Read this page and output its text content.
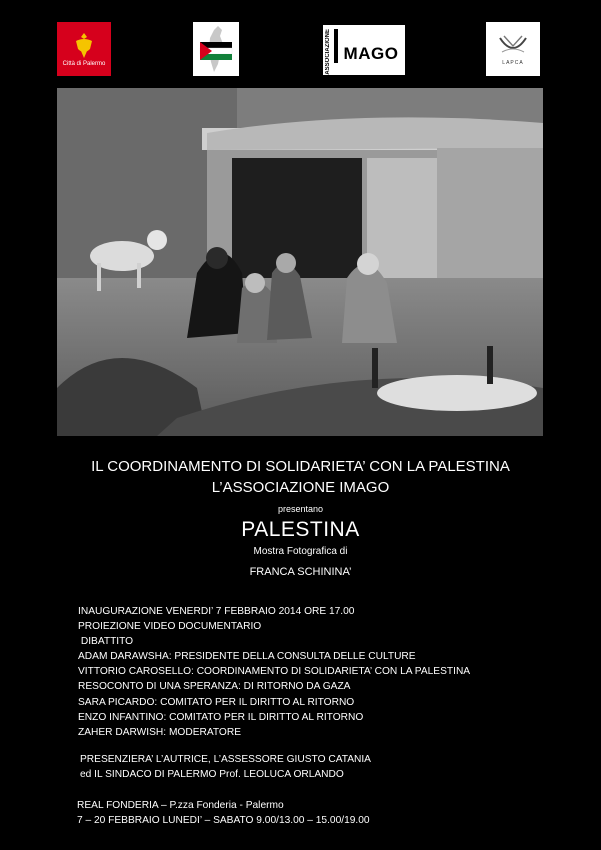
Città di Palermo	ASSOCIAZIONE MAGO	LAPCA
IL COORDINAMENTO DI SOLIDARIETA’ CON LA PALESTINA
L’ASSOCIAZIONE IMAGO
presentano
PALESTINA
Mostra Fotografica di
FRANCA SCHININA’
INAUGURAZIONE VENERDI’ 7 FEBBRAIO 2014 ORE 17.00
PROIEZIONE VIDEO DOCUMENTARIO
DIBATTITO
ADAM DARAWSHA: PRESIDENTE DELLA CONSULTA DELLE CULTURE
VITTORIO CAROSELLO: COORDINAMENTO DI SOLIDARIETA’ CON LA PALESTINA
RESOCONTO DI UNA SPERANZA: DI RITORNO DA GAZA
SARA PICARDO: COMITATO PER IL DIRITTO AL RITORNO
ENZO INFANTINO: COMITATO PER IL DIRITTO AL RITORNO
ZAHER DARWISH: MODERATORE
PRESENZIERA’ L’AUTRICE, L’ASSESSORE GIUSTO CATANIA
ed IL SINDACO DI PALERMO Prof. LEOLUCA ORLANDO
REAL FONDERIA – P.zza Fonderia - Palermo
7 – 20 FEBBRAIO LUNEDI’ – SABATO 9.00/13.00 – 15.00/19.00
